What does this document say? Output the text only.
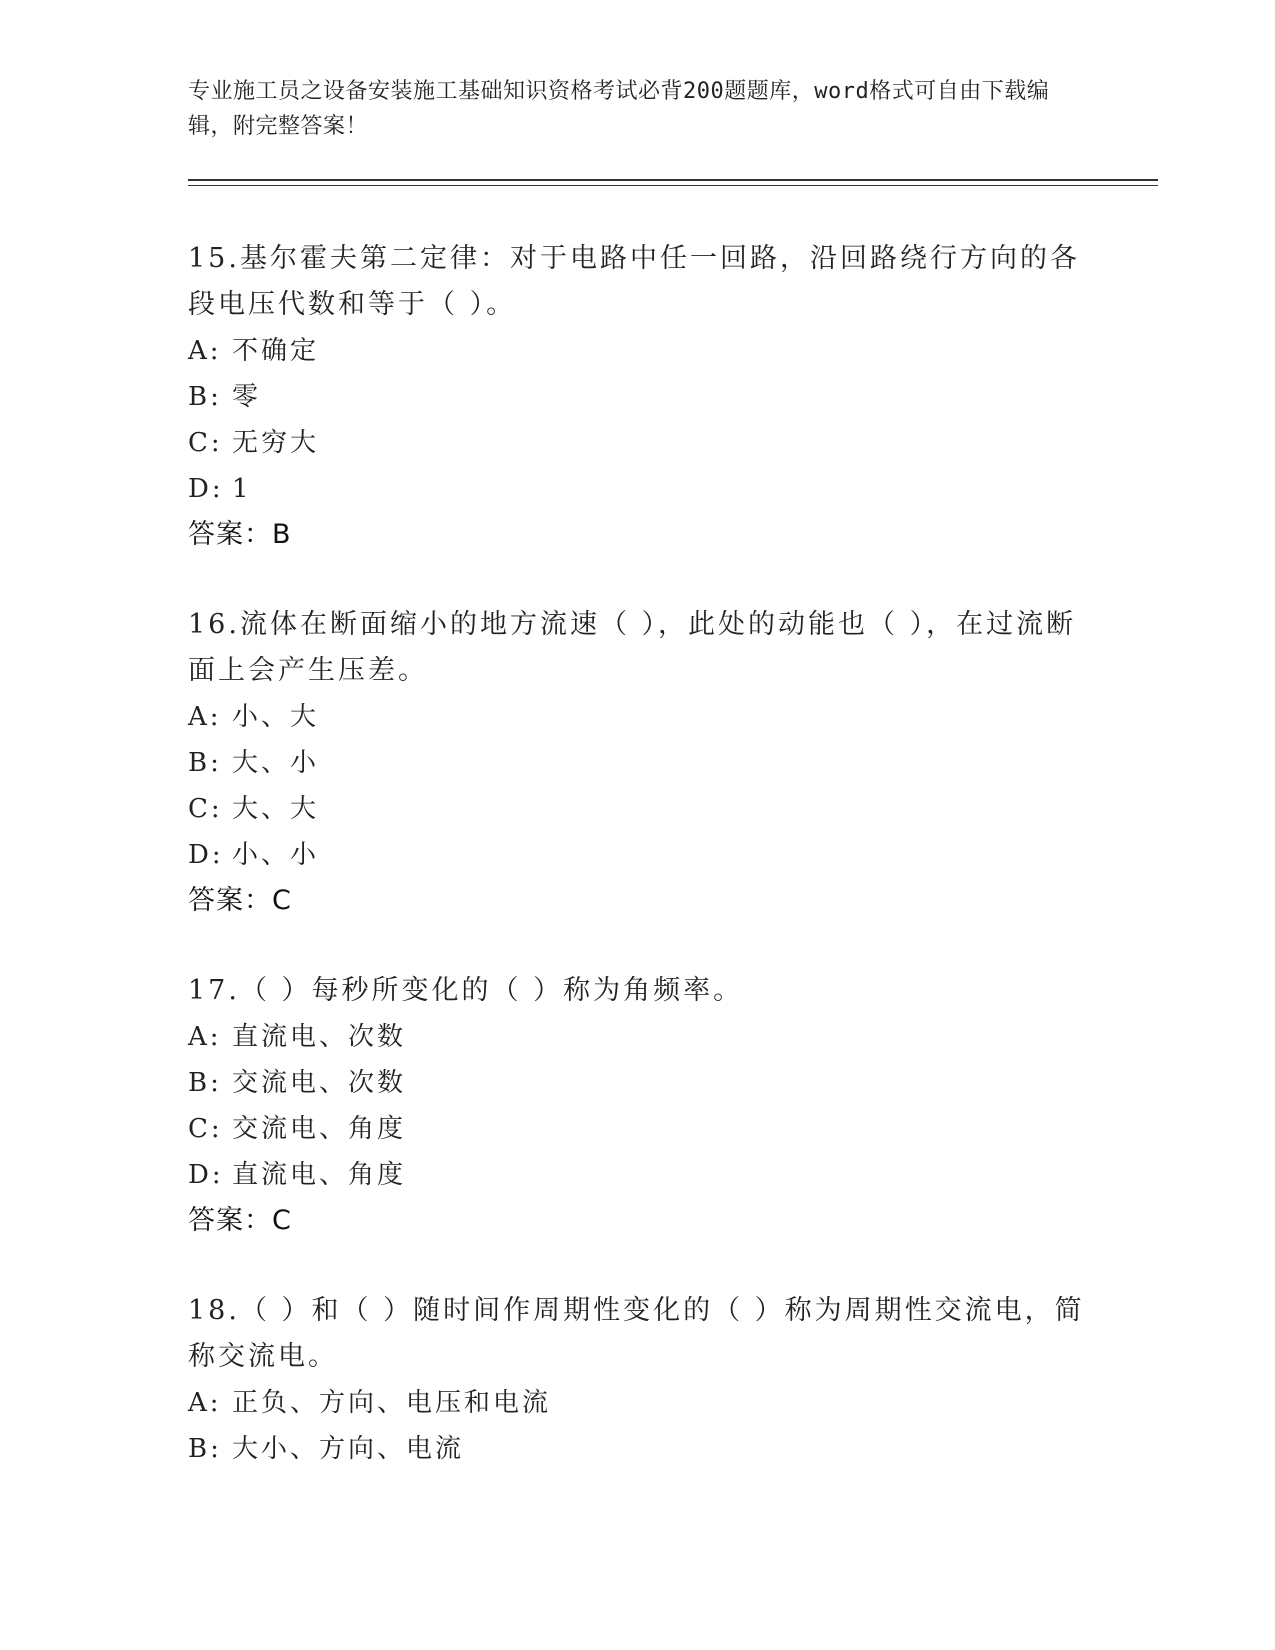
专业施工员之设备安装施工基础知识资格考试必背200题题库，word格式可自由下载编辑，附完整答案！

15.基尔霍夫第二定律：对于电路中任一回路，沿回路绕行方向的各段电压代数和等于（ ）。

A: 不确定

B: 零

C: 无穷大

D: 1

答案：B

16.流体在断面缩小的地方流速（ ），此处的动能也（ ），在过流断面上会产生压差。

A: 小、大

B: 大、小

C: 大、大

D: 小、小

答案：C

17.（ ）每秒所变化的（ ）称为角频率。

A: 直流电、次数

B: 交流电、次数

C: 交流电、角度

D: 直流电、角度

答案：C

18.（ ）和（ ）随时间作周期性变化的（ ）称为周期性交流电，简称交流电。

A: 正负、方向、电压和电流

B: 大小、方向、电流
